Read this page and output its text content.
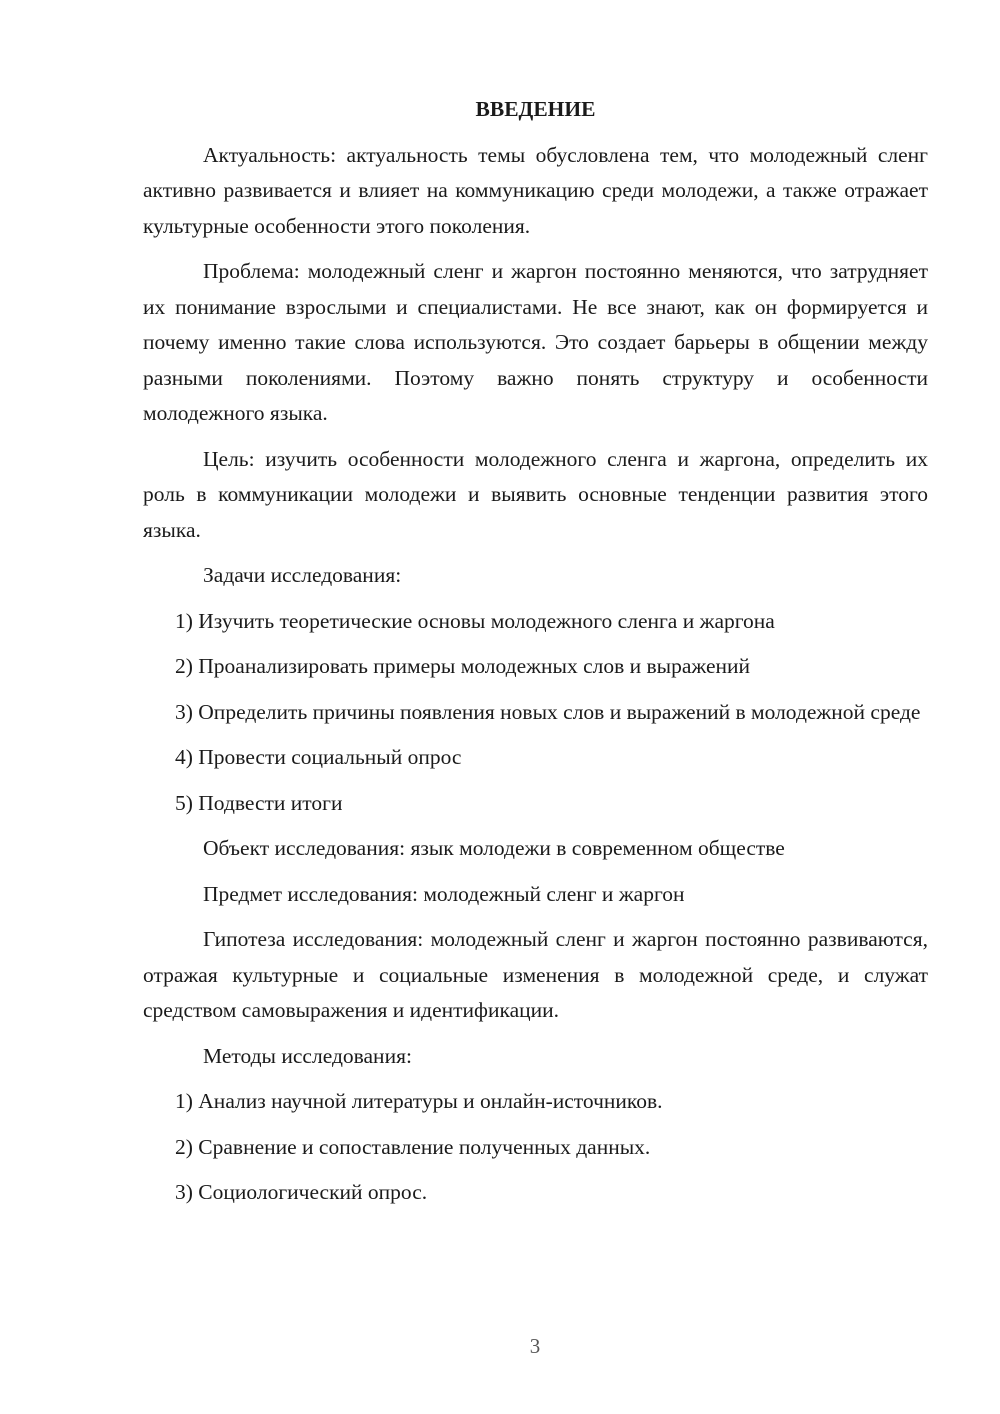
ВВЕДЕНИЕ

Актуальность: актуальность темы обусловлена тем, что молодежный сленг активно развивается и влияет на коммуникацию среди молодежи, а также отражает культурные особенности этого поколения.

Проблема: молодежный сленг и жаргон постоянно меняются, что затрудняет их понимание взрослыми и специалистами. Не все знают, как он формируется и почему именно такие слова используются. Это создает барьеры в общении между разными поколениями. Поэтому важно понять структуру и особенности молодежного языка.

Цель: изучить особенности молодежного сленга и жаргона, определить их роль в коммуникации молодежи и выявить основные тенденции развития этого языка.

Задачи исследования:

1) Изучить теоретические основы молодежного сленга и жаргона

2) Проанализировать примеры молодежных слов и выражений

3) Определить причины появления новых слов и выражений в молодежной среде

4) Провести социальный опрос

5) Подвести итоги

Объект исследования: язык молодежи в современном обществе

Предмет исследования: молодежный сленг и жаргон

Гипотеза исследования: молодежный сленг и жаргон постоянно развиваются, отражая культурные и социальные изменения в молодежной среде, и служат средством самовыражения и идентификации.

Методы исследования:

1) Анализ научной литературы и онлайн-источников.

2) Сравнение и сопоставление полученных данных.

3) Социологический опрос.

3
